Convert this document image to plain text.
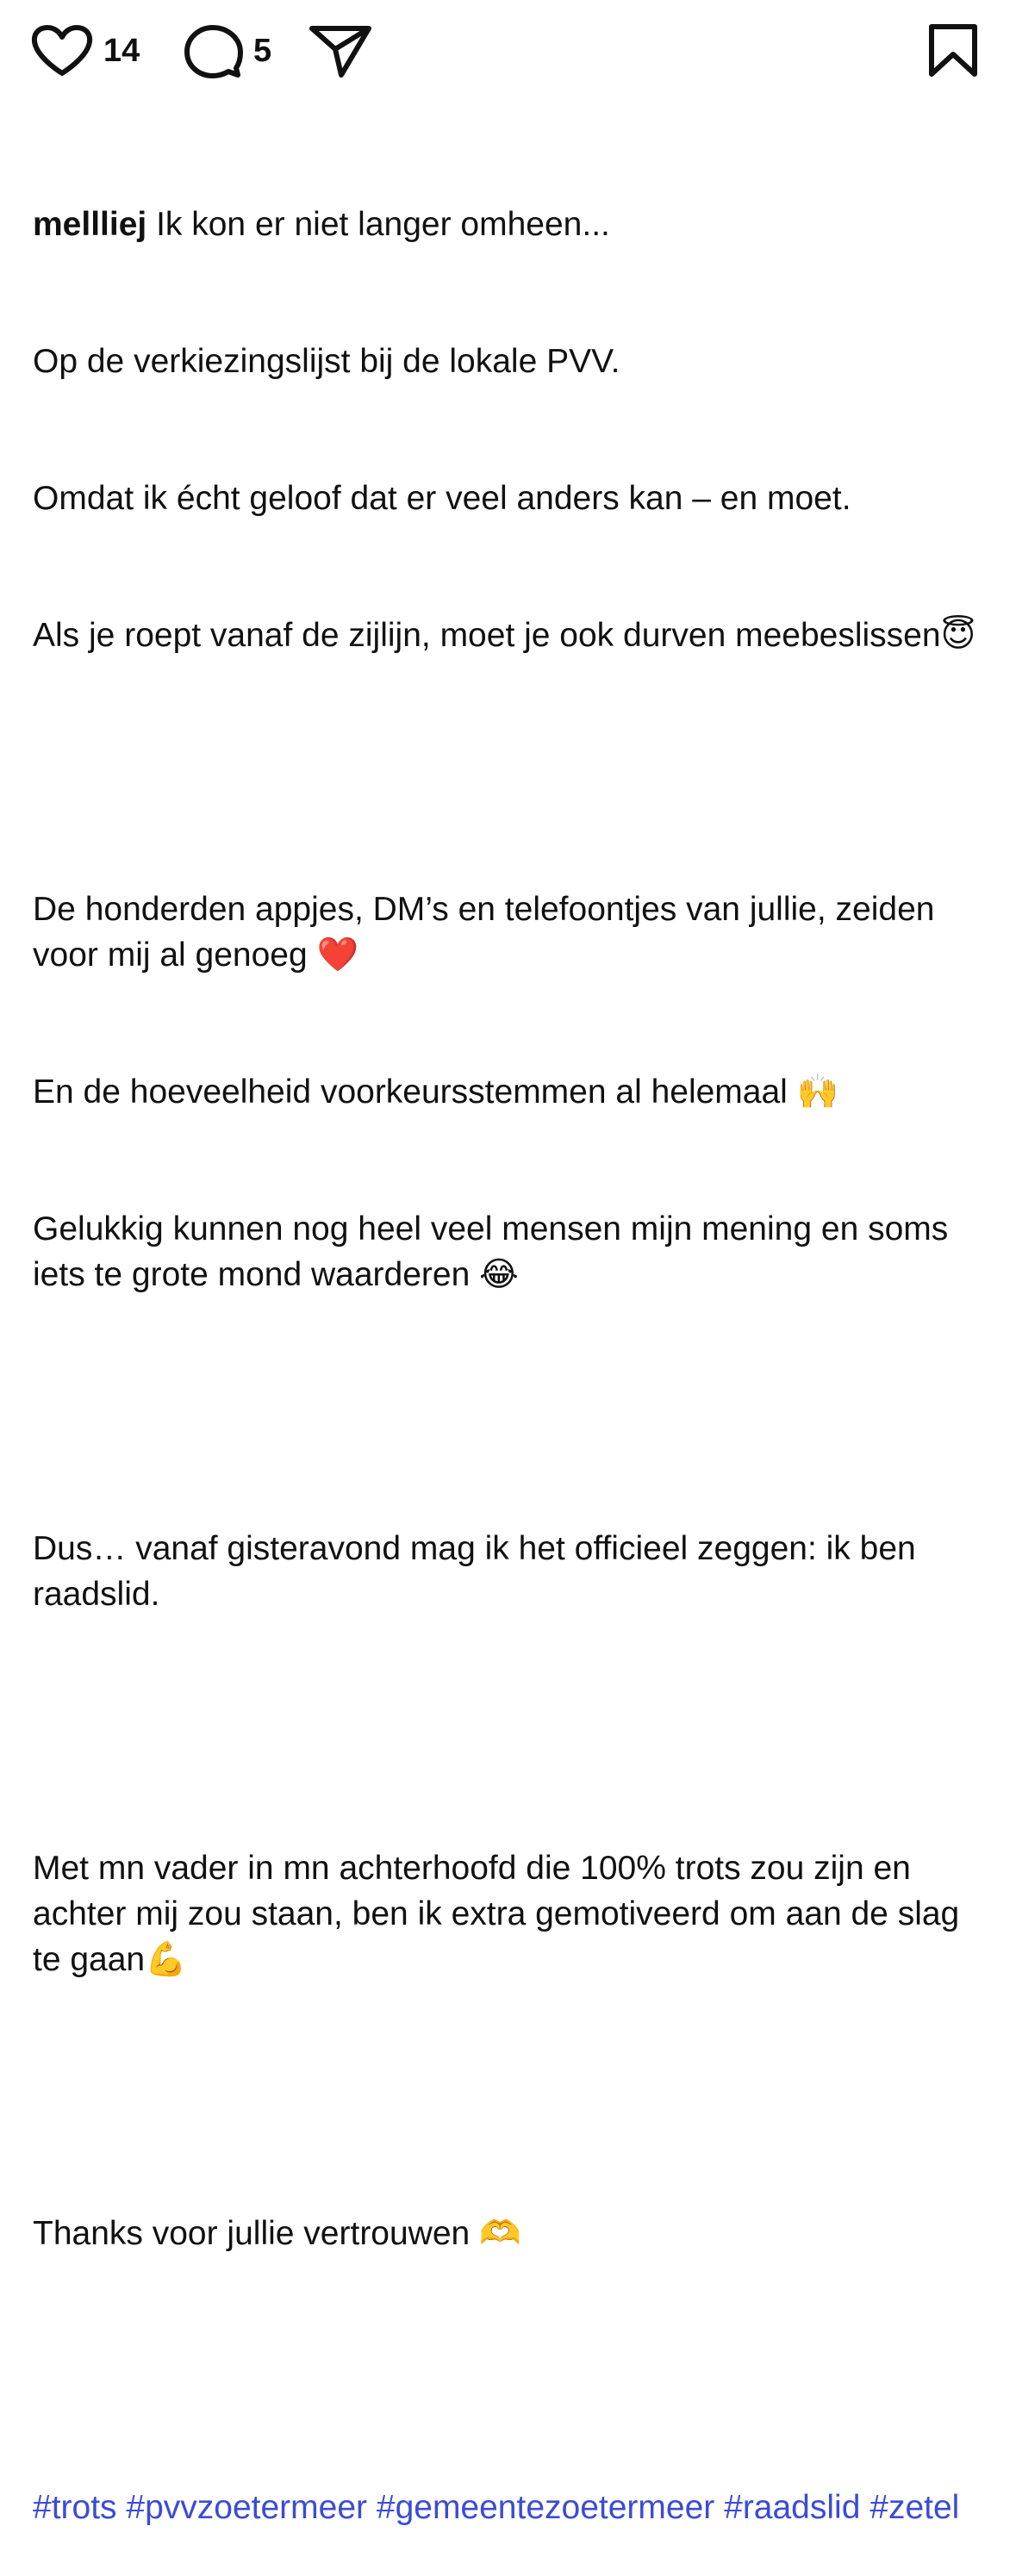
14	5

mellliej Ik kon er niet langer omheen...

Op de verkiezingslijst bij de lokale PVV.

Omdat ik écht geloof dat er veel anders kan – en moet.

Als je roept vanaf de zijlijn, moet je ook durven meebeslissen😇

De honderden appjes, DM’s en telefoontjes van jullie, zeiden voor mij al genoeg ❤️

En de hoeveelheid voorkeursstemmen al helemaal 🙌

Gelukkig kunnen nog heel veel mensen mijn mening en soms iets te grote mond waarderen 😂

Dus… vanaf gisteravond mag ik het officieel zeggen: ik ben raadslid.

Met mn vader in mn achterhoofd die 100% trots zou zijn en achter mij zou staan, ben ik extra gemotiveerd om aan de slag te gaan💪

Thanks voor jullie vertrouwen 🫶

#trots #pvvzoetermeer #gemeentezoetermeer #raadslid #zetel
